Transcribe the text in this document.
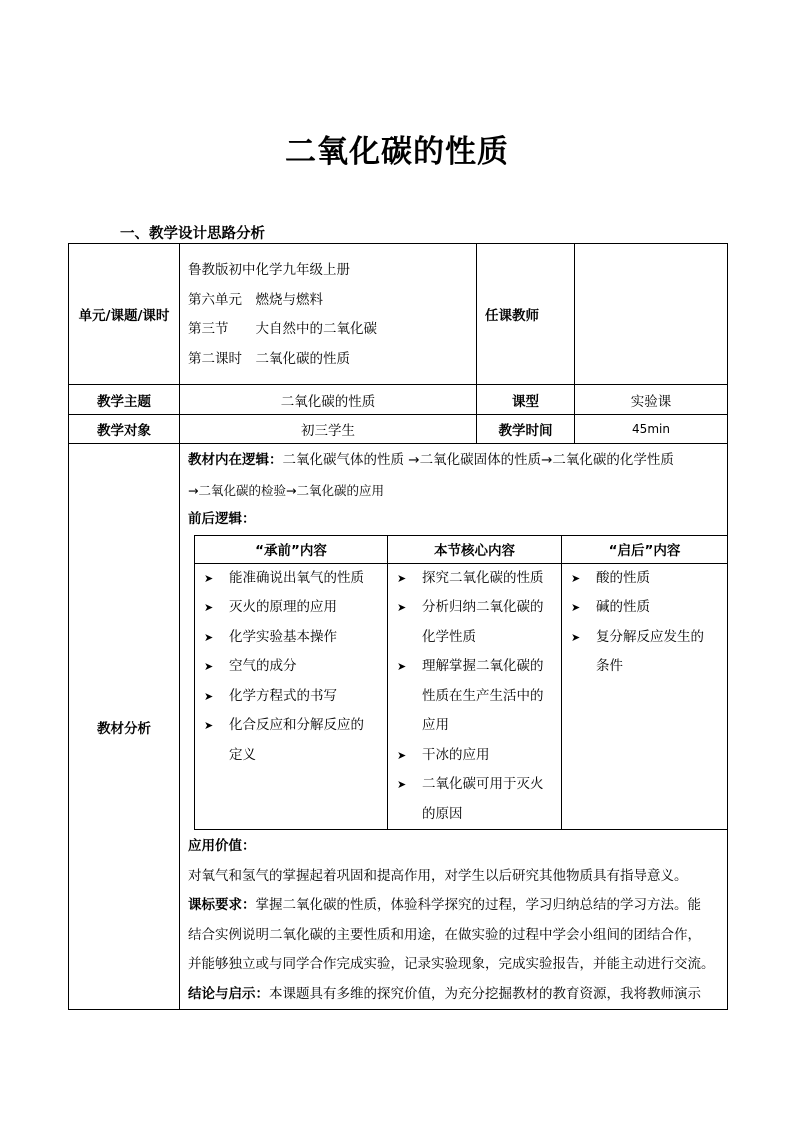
二氧化碳的性质
一、教学设计思路分析
单元/课题/课时	
鲁教版初中化学九年级上册
第六单元　燃烧与燃料
第三节　　大自然中的二氧化碳
第二课时　二氧化碳的性质
	任课教师	
教学主题	二氧化碳的性质	课型	实验课
教学对象	初三学生	教学时间	45min
教材分析	
教材内在逻辑：二氧化碳气体的性质 →二氧化碳固体的性质→二氧化碳的化学性质
→二氧化碳的检验→二氧化碳的应用
前后逻辑：
“承前”内容	本节核心内容	“启后”内容

➤ 能准确说出氧气的性质
➤ 灭火的原理的应用
➤ 化学实验基本操作
➤ 空气的成分
➤ 化学方程式的书写
➤ 化合反应和分解反应的
定义

➤ 探究二氧化碳的性质
➤ 分析归纳二氧化碳的
化学性质
➤ 理解掌握二氧化碳的
性质在生产生活中的
应用
➤ 干冰的应用
➤ 二氧化碳可用于灭火
的原因

➤ 酸的性质
➤ 碱的性质
➤ 复分解反应发生的
条件
应用价值：
对氧气和氢气的掌握起着巩固和提高作用，对学生以后研究其他物质具有指导意义。
课标要求：掌握二氧化碳的性质，体验科学探究的过程，学习归纳总结的学习方法。能
结合实例说明二氧化碳的主要性质和用途，在做实验的过程中学会小组间的团结合作，
并能够独立或与同学合作完成实验，记录实验现象，完成实验报告，并能主动进行交流。
结论与启示：本课题具有多维的探究价值，为充分挖掘教材的教育资源，我将教师演示
